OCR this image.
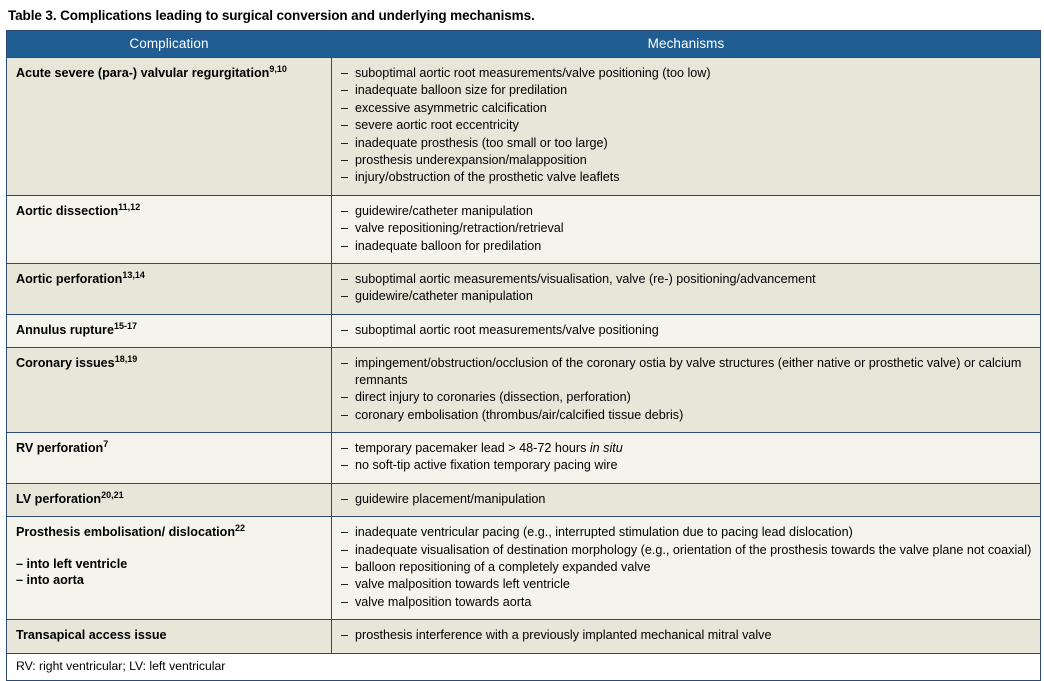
Table 3. Complications leading to surgical conversion and underlying mechanisms.
Complication	Mechanisms

Acute severe (para-) valvular regurgitation$^{9,10}$

–suboptimal aortic root measurements/valve positioning (too low)
– inadequate balloon size for predilation
– excessive asymmetric calcification
– severe aortic root eccentricity
– inadequate prosthesis (too small or too large)
– prosthesis underexpansion/malapposition
– injury/obstruction of the prosthetic valve leaflets

Aortic dissection$^{11,12}$

–guidewire/catheter manipulation
– valve repositioning/retraction/retrieval
– inadequate balloon for predilation

Aortic perforation$^{13,14}$

–suboptimal aortic measurements/visualisation, valve (re-) positioning/advancement
– guidewire/catheter manipulation

Annulus rupture$^{15-17}$

–suboptimal aortic root measurements/valve positioning

Coronary issues$^{18,19}$

–impingement/obstruction/occlusion of the coronary ostia by valve structures (either native or prosthetic valve) or calcium remnants
– direct injury to coronaries (dissection, perforation)
– coronary embolisation (thrombus/air/calcified tissue debris)

RV perforation$^7$

–temporary pacemaker lead > 48-72 hours in situ
– no soft-tip active fixation temporary pacing wire

LV perforation$^{20,21}$

–guidewire placement/manipulation

Prosthesis embolisation/ dislocation$^{22}$
– into left ventricle
– into aorta

– inadequate ventricular pacing (e.g., interrupted stimulation due to pacing lead dislocation)
– inadequate visualisation of destination morphology (e.g., orientation of the prosthesis towards the valve plane not coaxial)
– balloon repositioning of a completely expanded valve
– valve malposition towards left ventricle
– valve malposition towards aorta

Transapical access issue

–prosthesis interference with a previously implanted mechanical mitral valve

RV: right ventricular; LV: left ventricular	
